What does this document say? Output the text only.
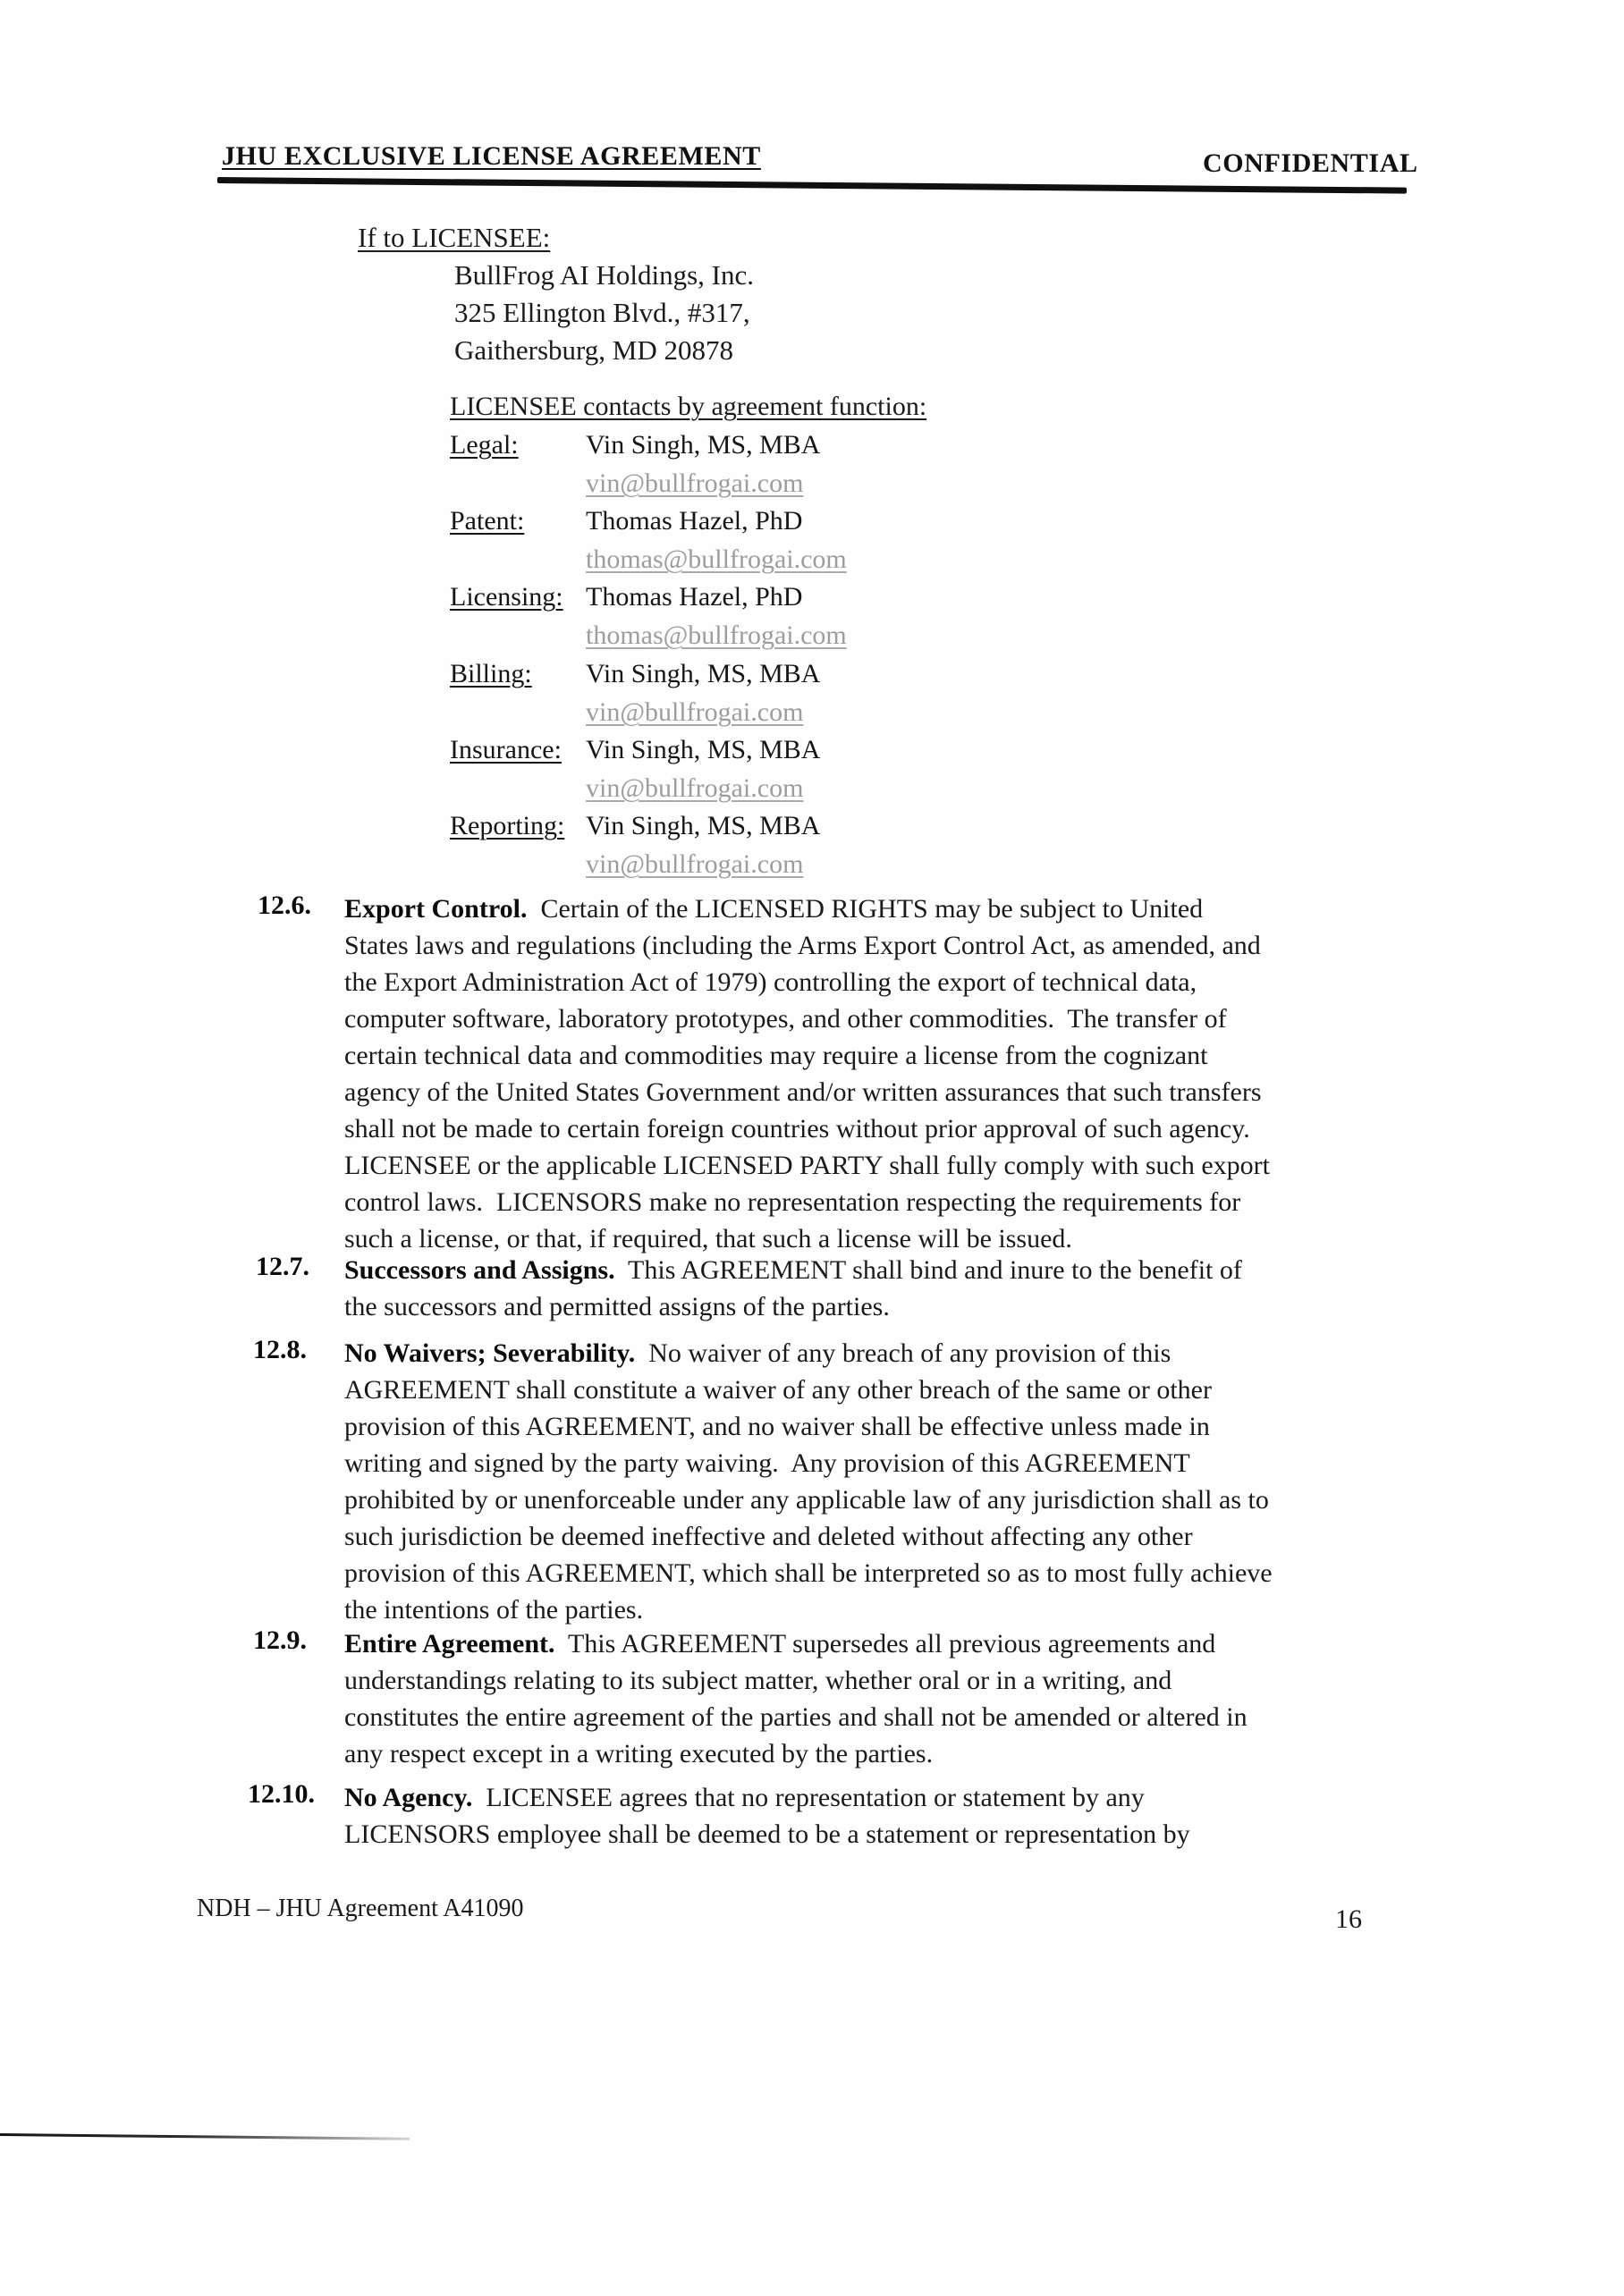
JHU EXCLUSIVE LICENSE AGREEMENT	CONFIDENTIAL
If to LICENSEE:
BullFrog AI Holdings, Inc.
325 Ellington Blvd., #317,
Gaithersburg, MD 20878
LICENSEE contacts by agreement function:
Legal:	Vin Singh, MS, MBA
vin@bullfrogai.com
Patent: Thomas Hazel, PhD
thomas@bullfrogai.com
Licensing: Thomas Hazel, PhD
thomas@bullfrogai.com
Billing: Vin Singh, MS, MBA
vin@bullfrogai.com
Insurance: Vin Singh, MS, MBA
vin@bullfrogai.com
Reporting: Vin Singh, MS, MBA
vin@bullfrogai.com
12.6. Export Control.  Certain of the LICENSED RIGHTS may be subject to United
States laws and regulations (including the Arms Export Control Act, as amended, and
the Export Administration Act of 1979) controlling the export of technical data,
computer software, laboratory prototypes, and other commodities.  The transfer of
certain technical data and commodities may require a license from the cognizant
agency of the United States Government and/or written assurances that such transfers
shall not be made to certain foreign countries without prior approval of such agency.
LICENSEE or the applicable LICENSED PARTY shall fully comply with such export
control laws.  LICENSORS make no representation respecting the requirements for
such a license, or that, if required, that such a license will be issued.
12.7. Successors and Assigns.  This AGREEMENT shall bind and inure to the benefit of
the successors and permitted assigns of the parties.
12.8. No Waivers; Severability.  No waiver of any breach of any provision of this
AGREEMENT shall constitute a waiver of any other breach of the same or other
provision of this AGREEMENT, and no waiver shall be effective unless made in
writing and signed by the party waiving.  Any provision of this AGREEMENT
prohibited by or unenforceable under any applicable law of any jurisdiction shall as to
such jurisdiction be deemed ineffective and deleted without affecting any other
provision of this AGREEMENT, which shall be interpreted so as to most fully achieve
the intentions of the parties.
12.9. Entire Agreement.  This AGREEMENT supersedes all previous agreements and
understandings relating to its subject matter, whether oral or in a writing, and
constitutes the entire agreement of the parties and shall not be amended or altered in
any respect except in a writing executed by the parties.
12.10. No Agency.  LICENSEE agrees that no representation or statement by any
LICENSORS employee shall be deemed to be a statement or representation by
NDH – JHU Agreement A41090	16
